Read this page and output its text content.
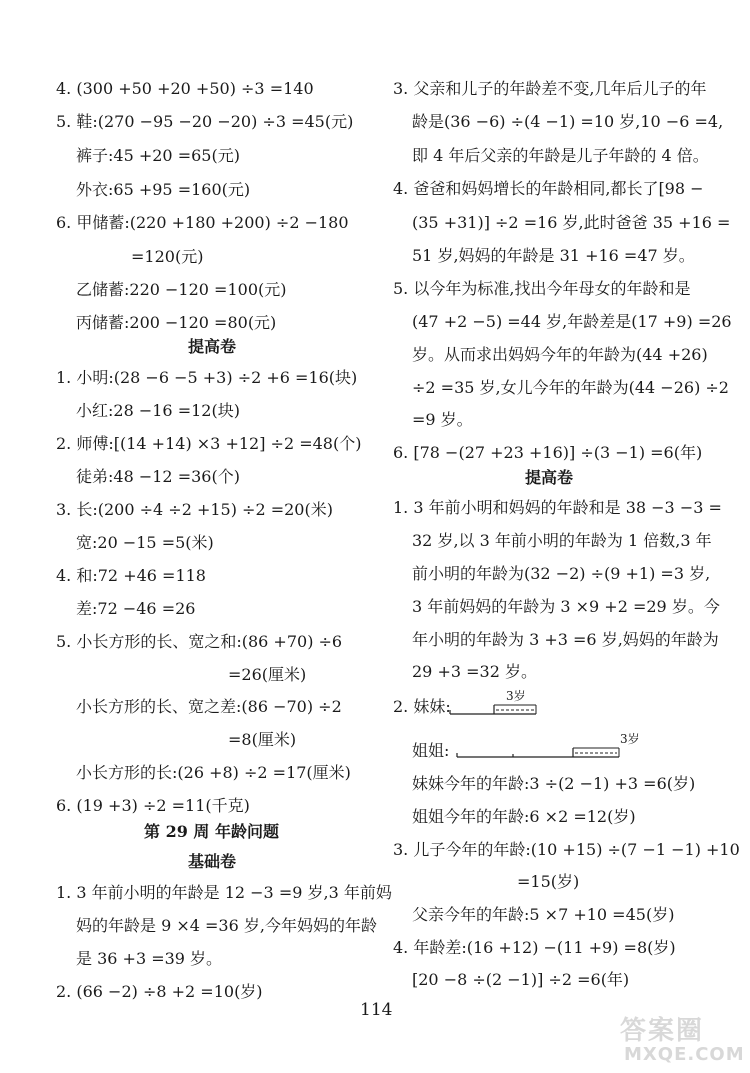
4. (300 +50 +20 +50) ÷3 =140
5. 鞋:(270 −95 −20 −20) ÷3 =45(元)
裤子:45 +20 =65(元)
外衣:65 +95 =160(元)
6. 甲储蓄:(220 +180 +200) ÷2 −180
=120(元)
乙储蓄:220 −120 =100(元)
丙储蓄:200 −120 =80(元)
提高卷
1. 小明:(28 −6 −5 +3) ÷2 +6 =16(块)
小红:28 −16 =12(块)
2. 师傅:[(14 +14) ×3 +12] ÷2 =48(个)
徒弟:48 −12 =36(个)
3. 长:(200 ÷4 ÷2 +15) ÷2 =20(米)
宽:20 −15 =5(米)
4. 和:72 +46 =118
差:72 −46 =26
5. 小长方形的长、宽之和:(86 +70) ÷6
=26(厘米)
小长方形的长、宽之差:(86 −70) ÷2
=8(厘米)
小长方形的长:(26 +8) ÷2 =17(厘米)
6. (19 +3) ÷2 =11(千克)
第 29 周 年龄问题
基础卷
1. 3 年前小明的年龄是 12 −3 =9 岁,3 年前妈
妈的年龄是 9 ×4 =36 岁,今年妈妈的年龄
是 36 +3 =39 岁。
2. (66 −2) ÷8 +2 =10(岁)
3. 父亲和儿子的年龄差不变,几年后儿子的年
龄是(36 −6) ÷(4 −1) =10 岁,10 −6 =4,
即 4 年后父亲的年龄是儿子年龄的 4 倍。
4. 爸爸和妈妈增长的年龄相同,都长了[98 −
(35 +31)] ÷2 =16 岁,此时爸爸 35 +16 =
51 岁,妈妈的年龄是 31 +16 =47 岁。
5. 以今年为标准,找出今年母女的年龄和是
(47 +2 −5) =44 岁,年龄差是(17 +9) =26
岁。从而求出妈妈今年的年龄为(44 +26)
÷2 =35 岁,女儿今年的年龄为(44 −26) ÷2
=9 岁。
6. [78 −(27 +23 +16)] ÷(3 −1) =6(年)
提高卷
1. 3 年前小明和妈妈的年龄和是 38 −3 −3 =
32 岁,以 3 年前小明的年龄为 1 倍数,3 年
前小明的年龄为(32 −2) ÷(9 +1) =3 岁,
3 年前妈妈的年龄为 3 ×9 +2 =29 岁。今
年小明的年龄为 3 +3 =6 岁,妈妈的年龄为
29 +3 =32 岁。
2. 妹妹:
3岁
姐姐:
3岁
妹妹今年的年龄:3 ÷(2 −1) +3 =6(岁)
姐姐今年的年龄:6 ×2 =12(岁)
3. 儿子今年的年龄:(10 +15) ÷(7 −1 −1) +10
=15(岁)
父亲今年的年龄:5 ×7 +10 =45(岁)
4. 年龄差:(16 +12) −(11 +9) =8(岁)
[20 −8 ÷(2 −1)] ÷2 =6(年)
114
答案圈
MXQE.COM
